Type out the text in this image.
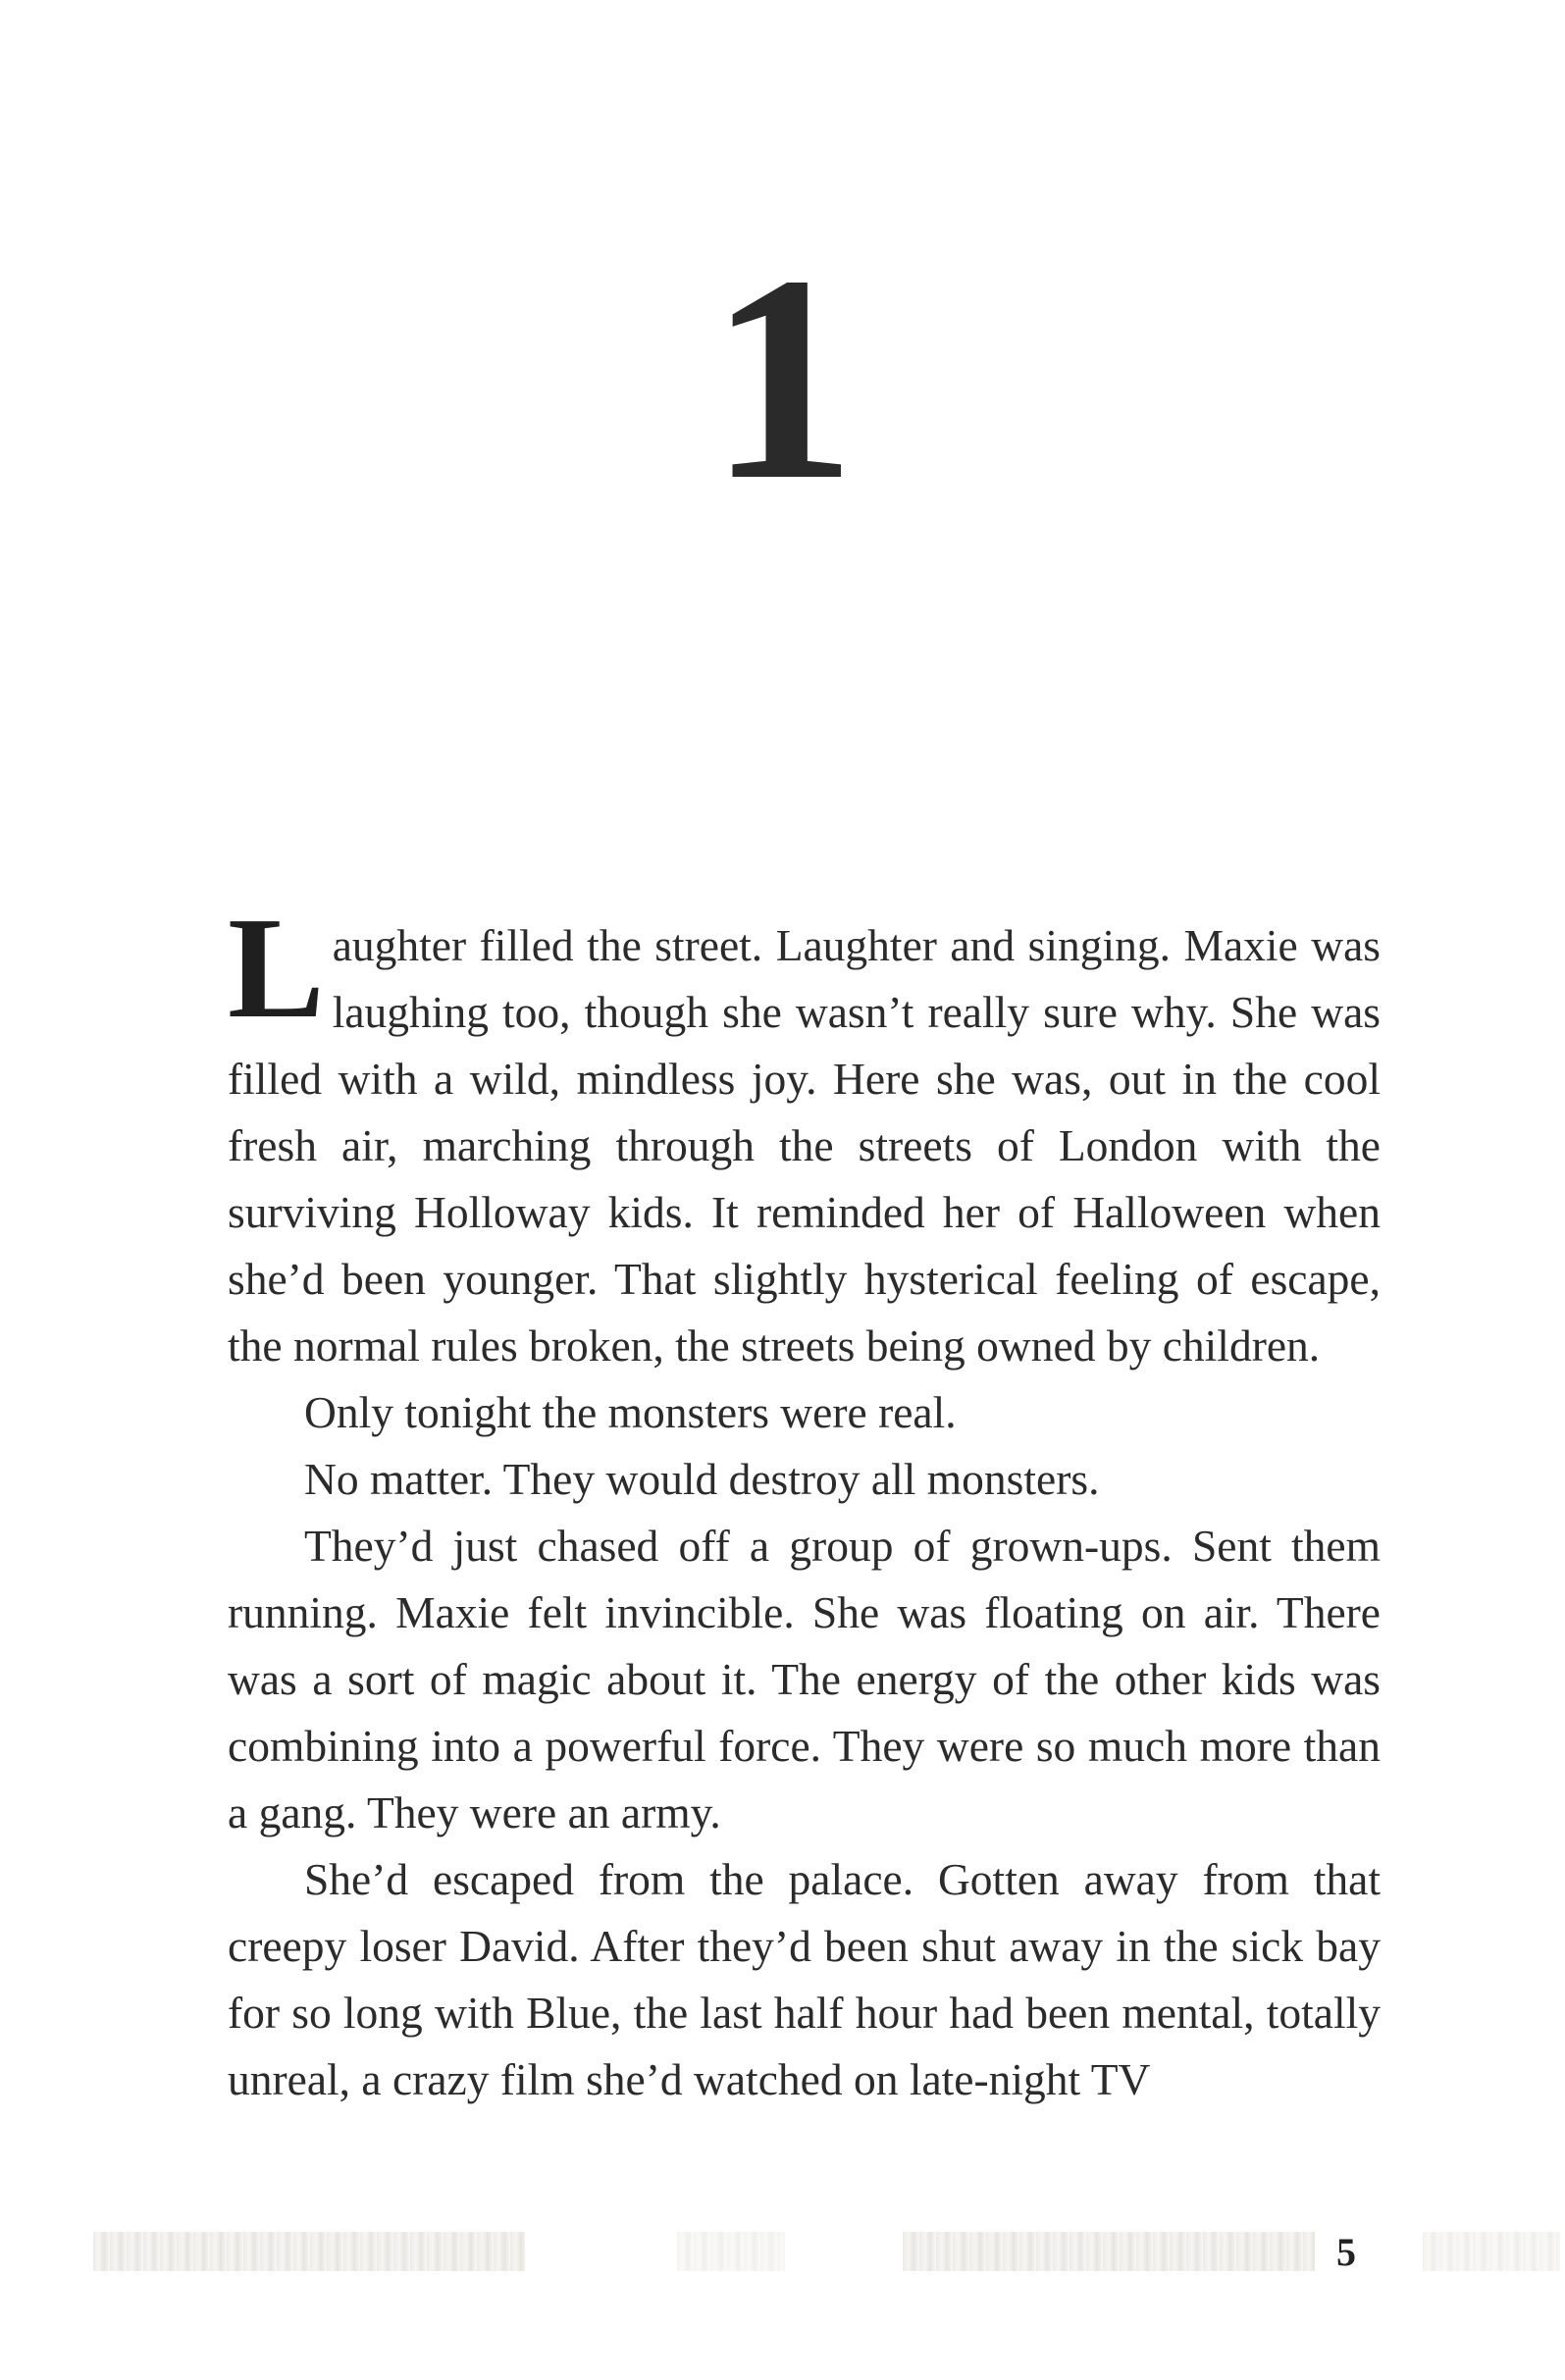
1

Laughter filled the street. Laughter and singing. Maxie was laughing too, though she wasn’t really sure why. She was filled with a wild, mindless joy. Here she was, out in the cool fresh air, marching through the streets of London with the surviving Holloway kids. It reminded her of Halloween when she’d been younger. That slightly hysterical feeling of escape, the normal rules broken, the streets being owned by children.

Only tonight the monsters were real.

No matter. They would destroy all monsters.

They’d just chased off a group of grown-ups. Sent them running. Maxie felt invincible. She was floating on air. There was a sort of magic about it. The energy of the other kids was combining into a powerful force. They were so much more than a gang. They were an army.

She’d escaped from the palace. Gotten away from that creepy loser David. After they’d been shut away in the sick bay for so long with Blue, the last half hour had been mental, totally unreal, a crazy film she’d watched on late-night TV

5
